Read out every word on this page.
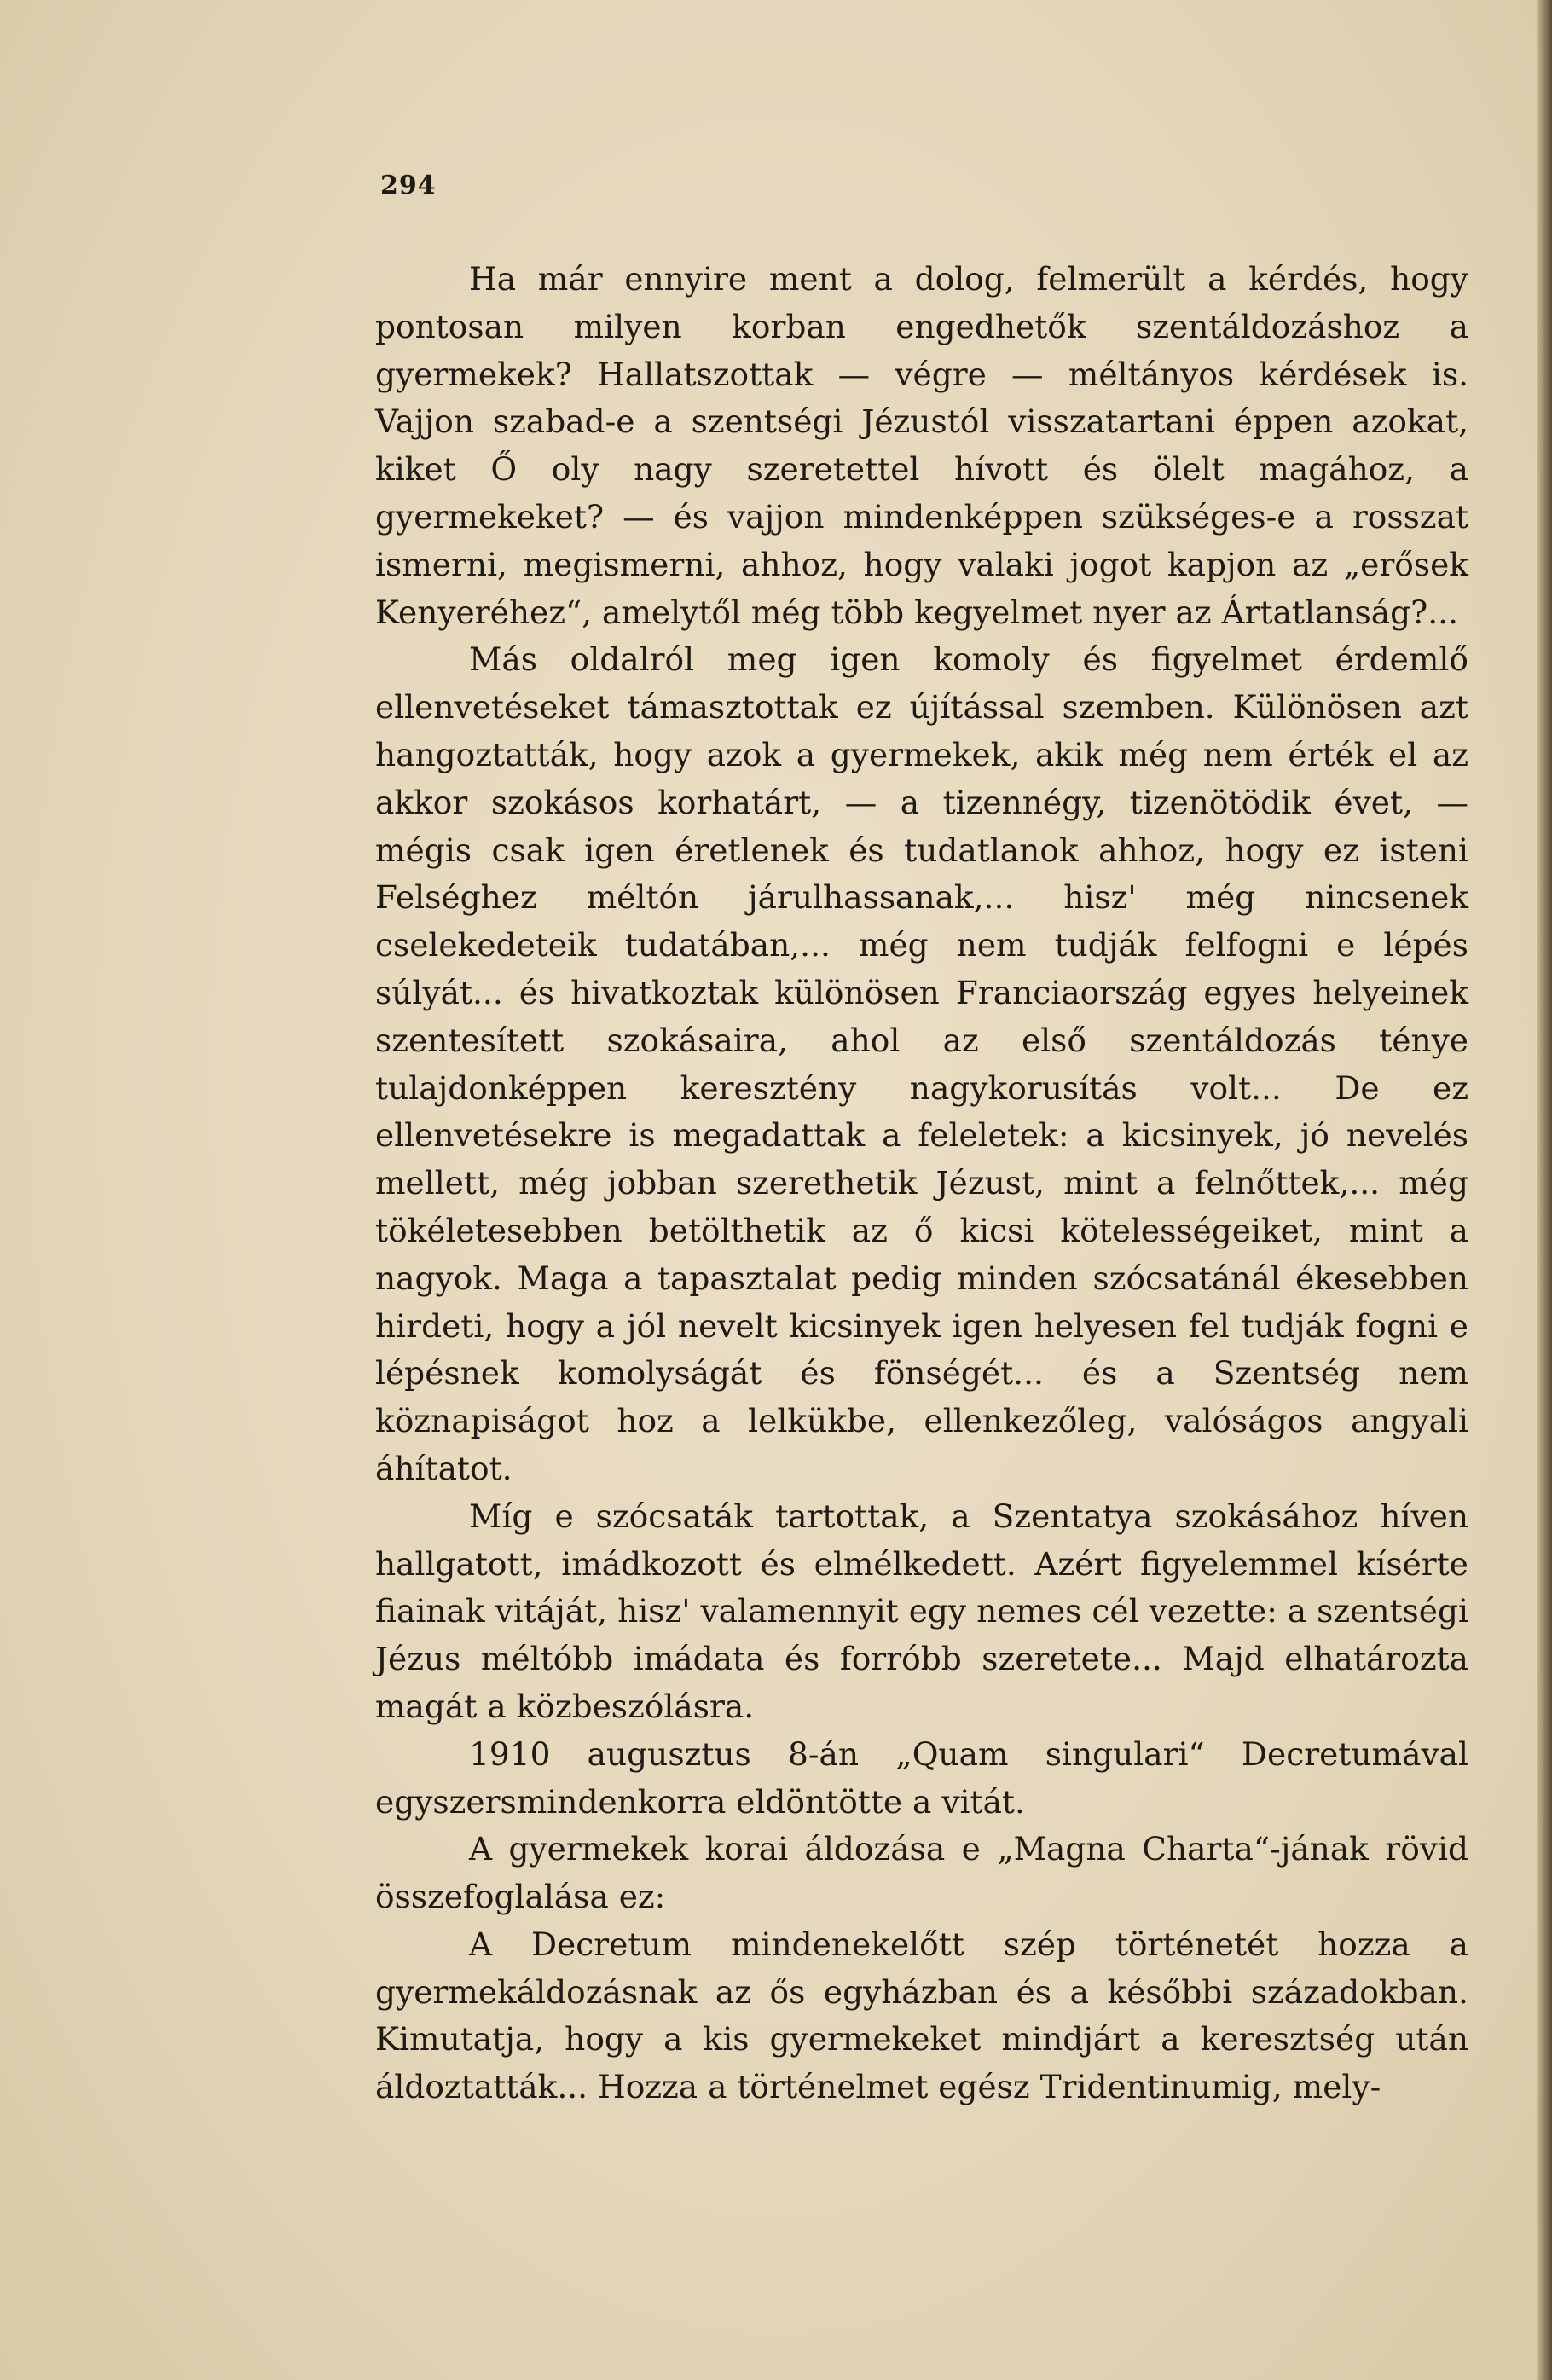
294

Ha már ennyire ment a dolog, felmerült a kérdés, hogy pontosan milyen korban engedhetők szentáldozáshoz a gyermekek? Hallatszottak — végre — méltányos kérdések is. Vajjon szabad-e a szentségi Jézustól visszatartani éppen azokat, kiket Ő oly nagy szeretettel hívott és ölelt magához, a gyermekeket? — és vajjon mindenképpen szükséges-e a rosszat ismerni, megismerni, ahhoz, hogy valaki jogot kapjon az „erősek Kenyeréhez“, amelytől még több kegyelmet nyer az Ártatlanság?...

Más oldalról meg igen komoly és figyelmet érdemlő ellenvetéseket támasztottak ez újítással szemben. Különösen azt hangoztatták, hogy azok a gyermekek, akik még nem érték el az akkor szokásos korhatárt, — a tizennégy, tizenötödik évet, — mégis csak igen éretlenek és tudatlanok ahhoz, hogy ez isteni Felséghez méltón járulhassanak,... hisz' még nincsenek cselekedeteik tudatában,... még nem tudják felfogni e lépés súlyát... és hivatkoztak különösen Franciaország egyes helyeinek szentesített szokásaira, ahol az első szentáldozás ténye tulajdonképpen keresztény nagykorusítás volt... De ez ellenvetésekre is megadattak a feleletek: a kicsinyek, jó nevelés mellett, még jobban szerethetik Jézust, mint a felnőttek,... még tökéletesebben betölthetik az ő kicsi kötelességeiket, mint a nagyok. Maga a tapasztalat pedig minden szócsatánál ékesebben hirdeti, hogy a jól nevelt kicsinyek igen helyesen fel tudják fogni e lépésnek komolyságát és fönségét... és a Szentség nem köznapiságot hoz a lelkükbe, ellenkezőleg, valóságos angyali áhítatot.

Míg e szócsaták tartottak, a Szentatya szokásához híven hallgatott, imádkozott és elmélkedett. Azért figyelemmel kísérte fiainak vitáját, hisz' valamennyit egy nemes cél vezette: a szentségi Jézus méltóbb imádata és forróbb szeretete... Majd elhatározta magát a közbeszólásra.

1910 augusztus 8-án „Quam singulari“ Decretumával egyszersmindenkorra eldöntötte a vitát.

A gyermekek korai áldozása e „Magna Charta“-jának rövid összefoglalása ez:

A Decretum mindenekelőtt szép történetét hozza a gyermekáldozásnak az ős egyházban és a későbbi századokban. Kimutatja, hogy a kis gyermekeket mindjárt a keresztség után áldoztatták... Hozza a történelmet egész Tridentinumig, mely-
